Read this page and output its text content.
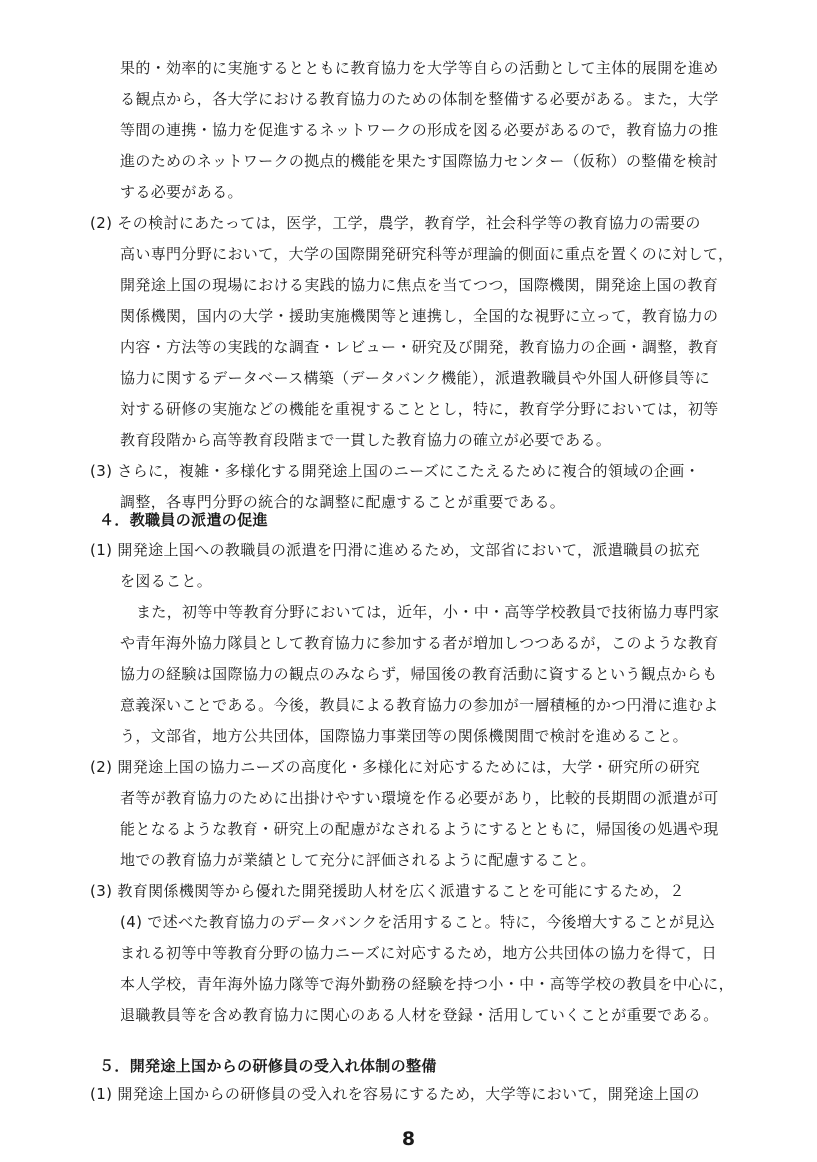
果的・効率的に実施するとともに教育協力を大学等自らの活動として主体的展開を進め

る観点から，各大学における教育協力のための体制を整備する必要がある。また，大学

等間の連携・協力を促進するネットワークの形成を図る必要があるので，教育協力の推

進のためのネットワークの拠点的機能を果たす国際協力センター（仮称）の整備を検討

する必要がある。

(2) その検討にあたっては，医学，工学，農学，教育学，社会科学等の教育協力の需要の

高い専門分野において，大学の国際開発研究科等が理論的側面に重点を置くのに対して，

開発途上国の現場における実践的協力に焦点を当てつつ，国際機関，開発途上国の教育

関係機関，国内の大学・援助実施機関等と連携し，全国的な視野に立って，教育協力の

内容・方法等の実践的な調査・レビュー・研究及び開発，教育協力の企画・調整，教育

協力に関するデータベース構築（データバンク機能），派遣教職員や外国人研修員等に

対する研修の実施などの機能を重視することとし，特に，教育学分野においては，初等

教育段階から高等教育段階まで一貫した教育協力の確立が必要である。

(3) さらに，複雑・多様化する開発途上国のニーズにこたえるために複合的領域の企画・

調整，各専門分野の統合的な調整に配慮することが重要である。

４．教職員の派遣の促進

(1) 開発途上国への教職員の派遣を円滑に進めるため，文部省において，派遣職員の拡充

を図ること。

また，初等中等教育分野においては，近年，小・中・高等学校教員で技術協力専門家

や青年海外協力隊員として教育協力に参加する者が増加しつつあるが，このような教育

協力の経験は国際協力の観点のみならず，帰国後の教育活動に資するという観点からも

意義深いことである。今後，教員による教育協力の参加が一層積極的かつ円滑に進むよ

う，文部省，地方公共団体，国際協力事業団等の関係機関間で検討を進めること。

(2) 開発途上国の協力ニーズの高度化・多様化に対応するためには，大学・研究所の研究

者等が教育協力のために出掛けやすい環境を作る必要があり，比較的長期間の派遣が可

能となるような教育・研究上の配慮がなされるようにするとともに，帰国後の処遇や現

地での教育協力が業績として充分に評価されるように配慮すること。

(3) 教育関係機関等から優れた開発援助人材を広く派遣することを可能にするため，２

(4) で述べた教育協力のデータバンクを活用すること。特に，今後増大することが見込

まれる初等中等教育分野の協力ニーズに対応するため，地方公共団体の協力を得て，日

本人学校，青年海外協力隊等で海外勤務の経験を持つ小・中・高等学校の教員を中心に，

退職教員等を含め教育協力に関心のある人材を登録・活用していくことが重要である。

５．開発途上国からの研修員の受入れ体制の整備

(1) 開発途上国からの研修員の受入れを容易にするため，大学等において，開発途上国の

8
